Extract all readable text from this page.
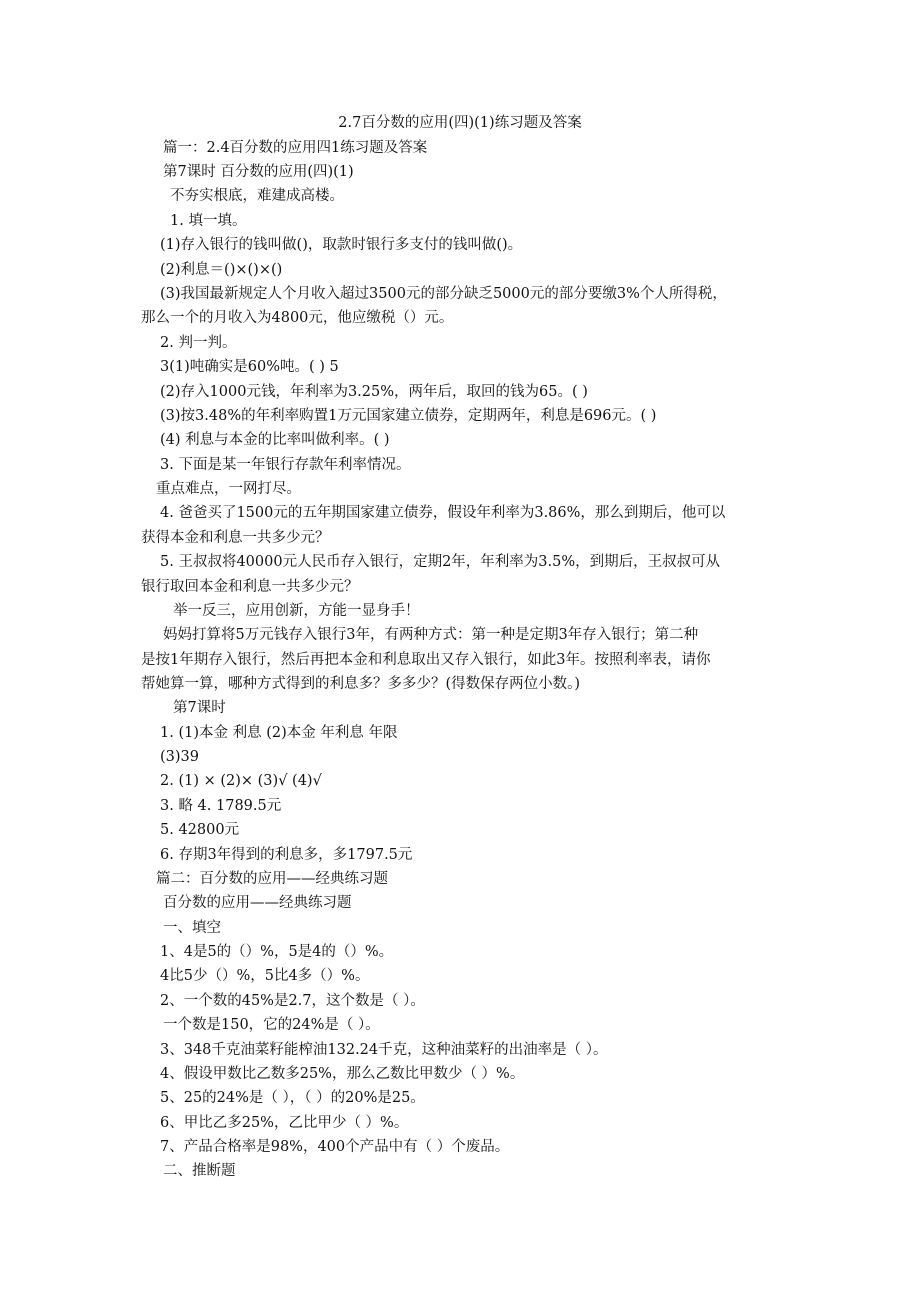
2.7百分数的应用(四)(1)练习题及答案
篇一：2.4百分数的应用四1练习题及答案
第7课时 百分数的应用(四)(1)
不夯实根底，难建成高楼。
1. 填一填。
(1)存入银行的钱叫做()，取款时银行多支付的钱叫做()。
(2)利息＝()×()×()
(3)我国最新规定人个月收入超过3500元的部分缺乏5000元的部分要缴3%个人所得税，
那么一个的月收入为4800元，他应缴税（）元。
2. 判一判。
3(1)吨确实是60%吨。( ) 5
(2)存入1000元钱，年利率为3.25%，两年后，取回的钱为65。( )
(3)按3.48%的年利率购置1万元国家建立债券，定期两年，利息是696元。( )
(4) 利息与本金的比率叫做利率。( )
3. 下面是某一年银行存款年利率情况。
重点难点，一网打尽。
4. 爸爸买了1500元的五年期国家建立债券，假设年利率为3.86%，那么到期后，他可以
获得本金和利息一共多少元？
5. 王叔叔将40000元人民币存入银行，定期2年，年利率为3.5%，到期后，王叔叔可从
银行取回本金和利息一共多少元？
举一反三，应用创新，方能一显身手！
妈妈打算将5万元钱存入银行3年，有两种方式：第一种是定期3年存入银行；第二种
是按1年期存入银行，然后再把本金和利息取出又存入银行，如此3年。按照利率表，请你
帮她算一算，哪种方式得到的利息多？多多少？(得数保存两位小数。)
第7课时
1. (1)本金 利息 (2)本金 年利息 年限
(3)39
2. (1) × (2)× (3)√ (4)√
3. 略 4. 1789.5元
5. 42800元
6. 存期3年得到的利息多，多1797.5元
篇二：百分数的应用——经典练习题
百分数的应用——经典练习题
一、填空
1、4是5的（）%，5是4的（）%。
4比5少（）%，5比4多（）%。
2、一个数的45%是2.7，这个数是（ ）。
一个数是150，它的24%是（ ）。
3、348千克油菜籽能榨油132.24千克，这种油菜籽的出油率是（ ）。
4、假设甲数比乙数多25%，那么乙数比甲数少（ ）%。
5、25的24%是（ ），（ ）的20%是25。
6、甲比乙多25%，乙比甲少（ ）%。
7、产品合格率是98%，400个产品中有（ ）个废品。
二、推断题
